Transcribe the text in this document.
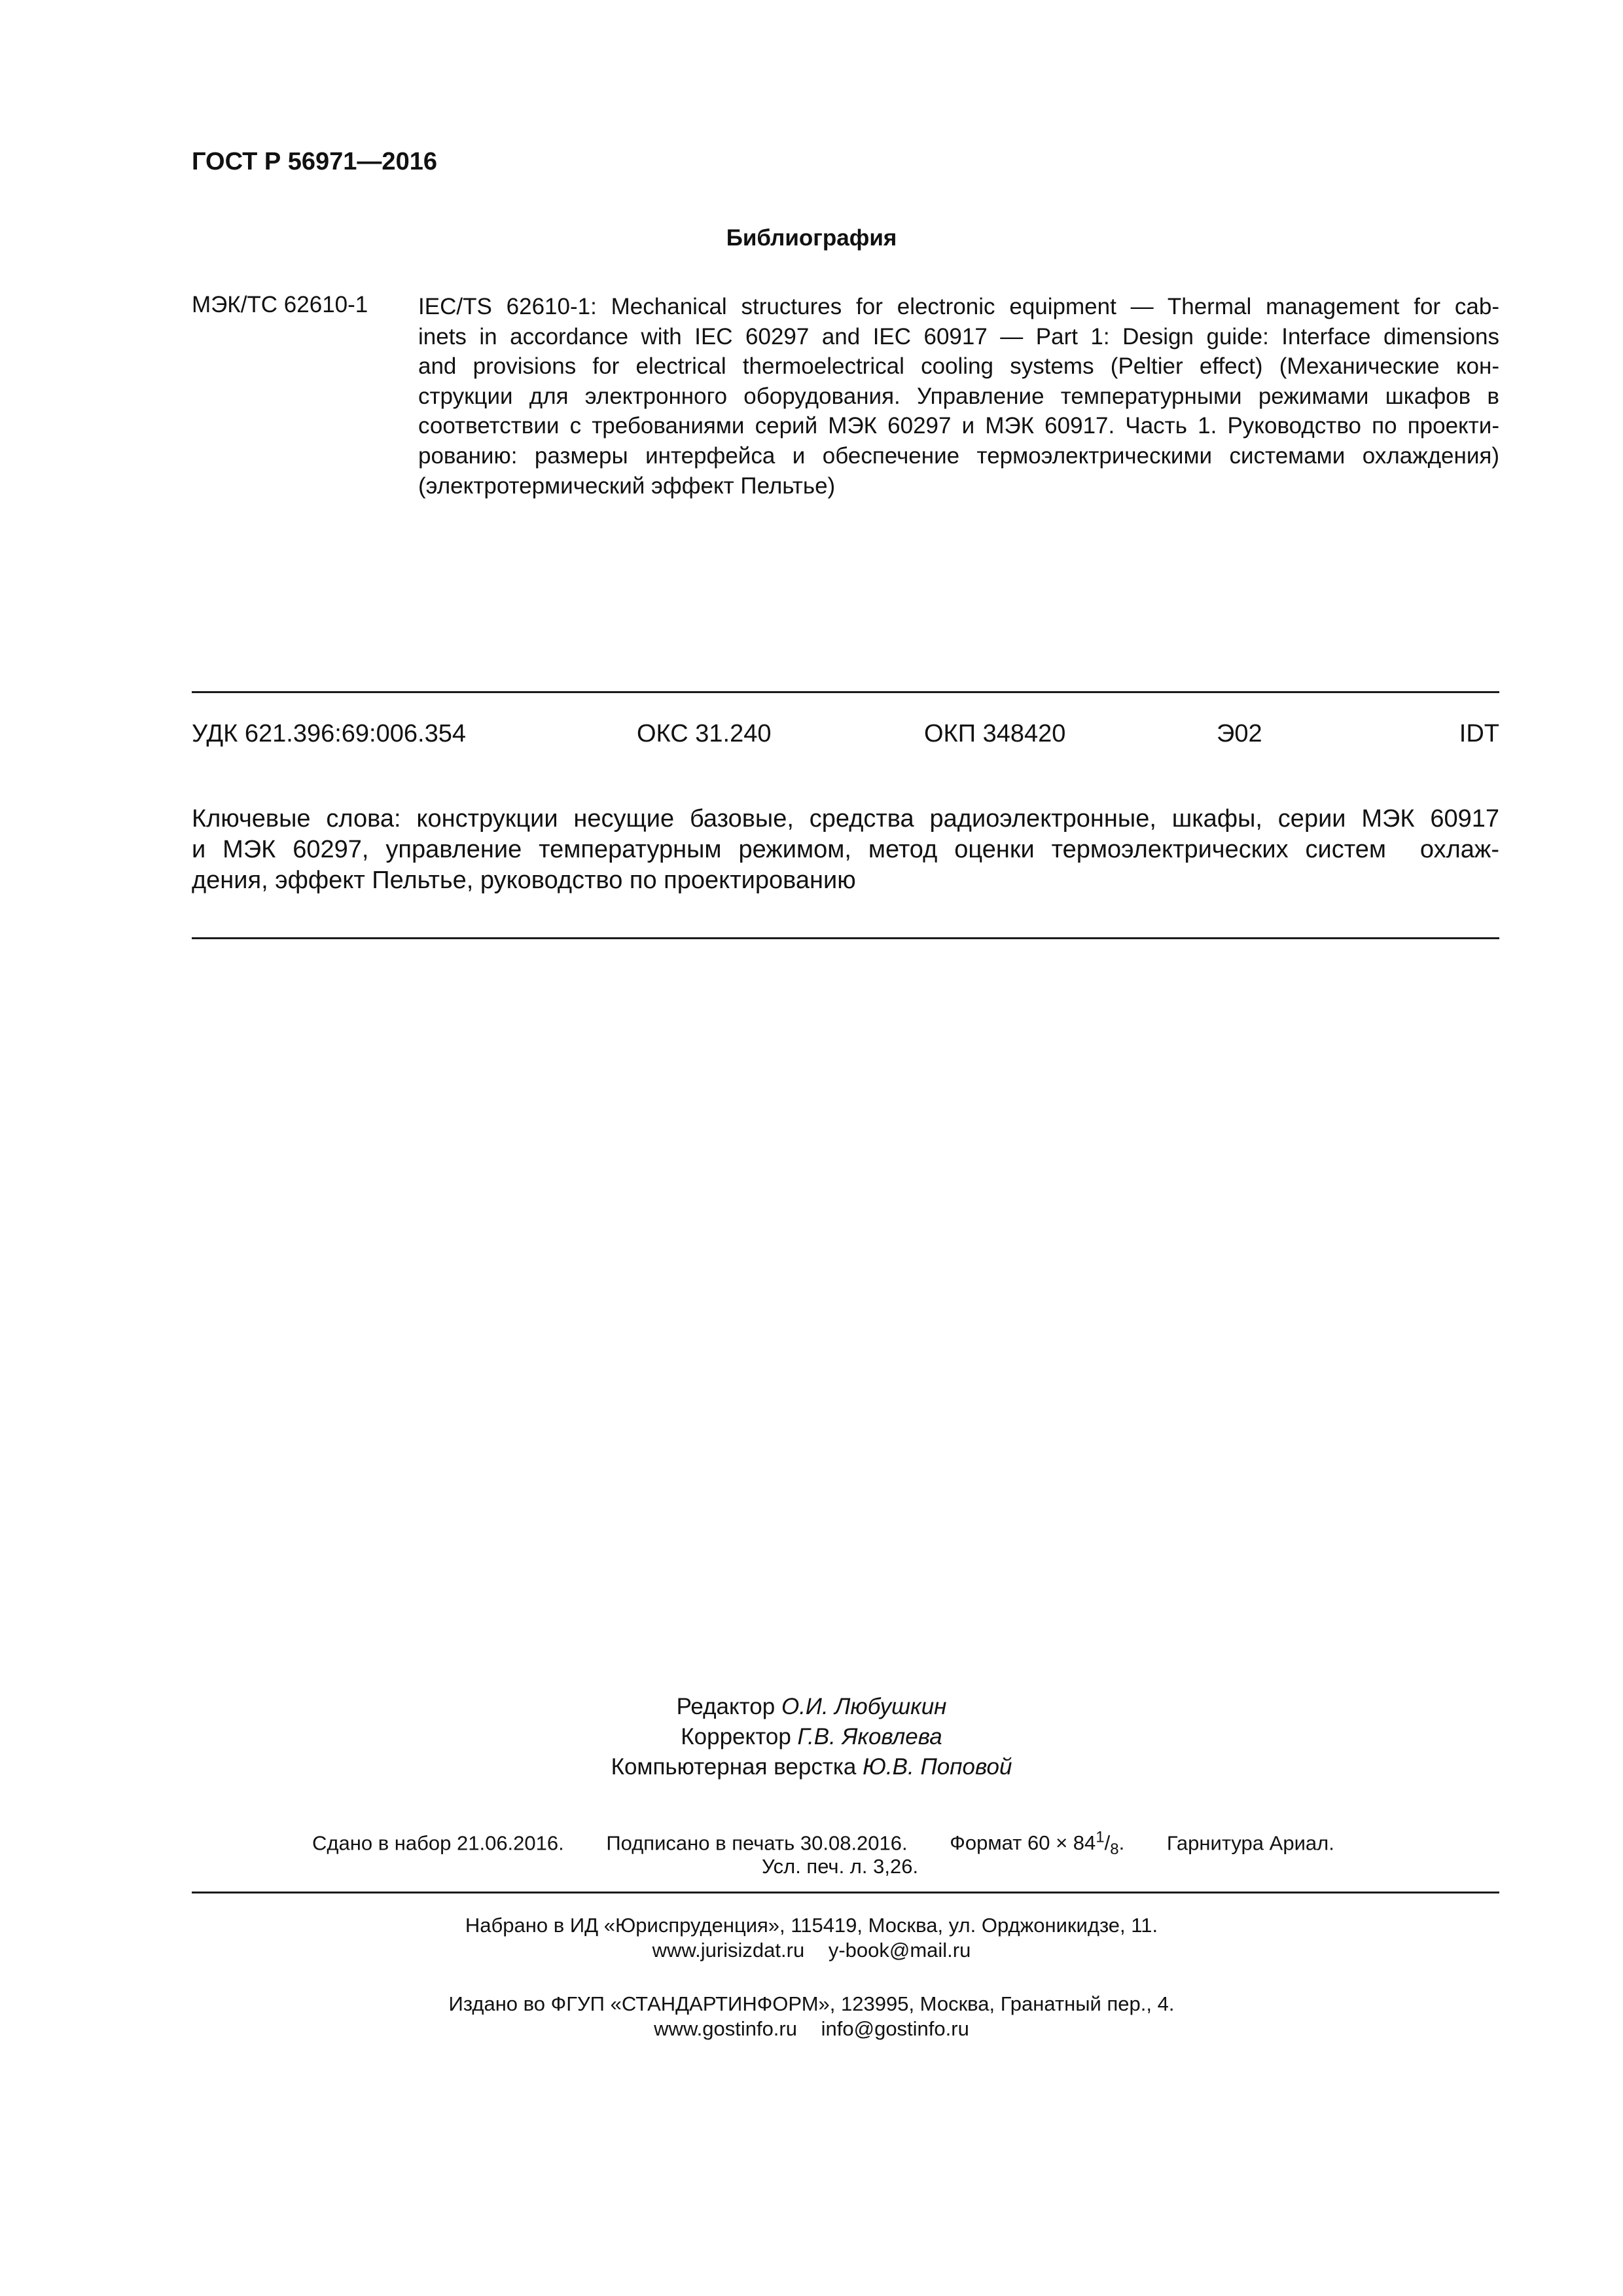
ГОСТ Р 56971—2016
Библиография
МЭК/ТС 62610-1 IEC/TS 62610-1: Mechanical structures for electronic equipment — Thermal management for cab-
inets in accordance with IEC 60297 and IEC 60917 — Part 1: Design guide: Interface dimensions
and provisions for electrical thermoelectrical cooling systems (Peltier effect) (Механические кон-
струкции для электронного оборудования. Управление температурными режимами шкафов в
соответствии с требованиями серий МЭК 60297 и МЭК 60917. Часть 1. Руководство по проекти-
рованию: размеры интерфейса и обеспечение термоэлектрическими системами охлаждения)
(электротермический эффект Пельтье)
УДК 621.396:69:006.354	ОКС 31.240	ОКП 348420	Э02	IDT
Ключевые слова: конструкции несущие базовые, средства радиоэлектронные, шкафы, серии МЭК 60917
и МЭК 60297, управление температурным режимом, метод оценки термоэлектрических систем  охлаж-
дения, эффект Пельтье, руководство по проектированию
Редактор О.И. Любушкин
Корректор Г.В. Яковлева
Компьютерная верстка Ю.В. Поповой
Сдано в набор 21.06.2016. Подписано в печать 30.08.2016. Формат $60 \times 84^1/_8$. Гарнитура Ариал.
Усл. печ. л. 3,26.
Набрано в ИД «Юриспруденция», 115419, Москва, ул. Орджоникидзе, 11.
www.jurisizdat.ru y-book@mail.ru
Издано во ФГУП «СТАНДАРТИНФОРМ», 123995, Москва, Гранатный пер., 4.
www.gostinfo.ru info@gostinfo.ru
